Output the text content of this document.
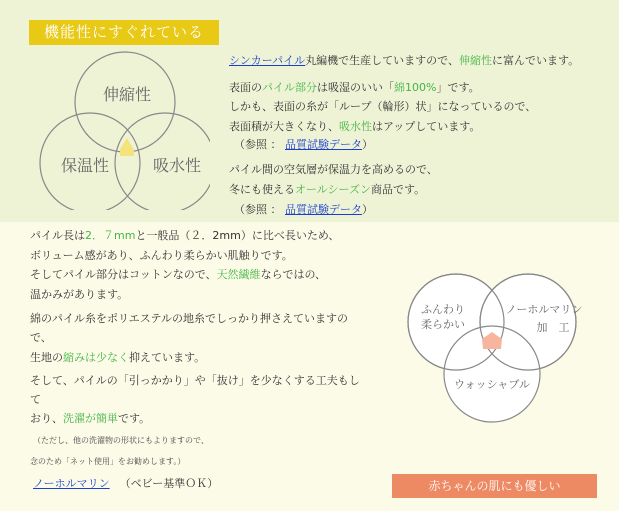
機能性にすぐれている
伸縮性
保温性	吸水性
シンカーパイル丸編機で生産していますので、伸縮性に富んでいます。
表面のパイル部分は吸湿のいい「綿100%」です。
しかも、表面の糸が「ループ（輪形）状」になっているので、
表面積が大きくなり、吸水性はアップしています。
（参照 ： 品質試験データ）
パイル間の空気層が保温力を高めるので、
冬にも使えるオールシーズン商品です。
（参照 ： 品質試験データ）
パイル長は2．７mmと一般品（２．2mm）に比べ長いため、
ボリューム感があり、ふんわり柔らかい肌触りです。
そしてパイル部分はコットンなので、天然繊維ならではの、
温かみがあります。
綿のパイル糸をポリエステルの地糸でしっかり押さえていますの
で、
生地の縮みは少なく抑えています。
そして、パイルの「引っかかり」や「抜け」を少なくする工夫もし
て
おり、洗濯が簡単です。
（ただし、他の洗濯物の形状にもよりますので、
念のため「ネット使用」をお勧めします。）
ノーホルマリン （ベビー基準ＯＫ）
ふんわり
柔らかい
ノーホルマリン
加　工
ウォッシャブル
赤ちゃんの肌にも優しい
